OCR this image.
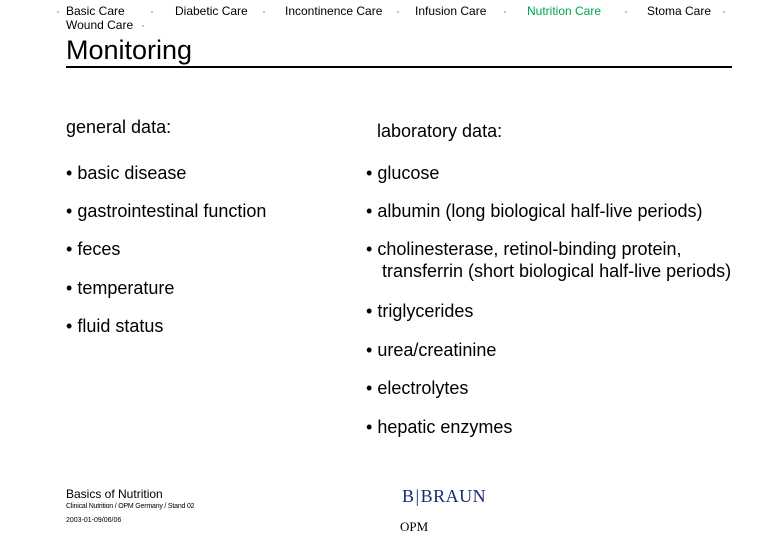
· Basic Care · Diabetic Care · Incontinence Care · Infusion Care · Nutrition Care · Stoma Care ·
Wound Care ·
Monitoring
general data:	laboratory data:
• basic disease
• gastrointestinal function
• feces
• temperature
• fluid status
• glucose
• albumin (long biological half-live periods)
• cholinesterase, retinol-binding protein,
transferrin (short biological half-live periods)
• triglycerides
• urea/creatinine
• electrolytes
• hepatic enzymes
Basics of Nutrition
Clinical Nutrition / OPM Germany / Stand 02
2003-01-09/06/06
B|BRAUN
OPM
